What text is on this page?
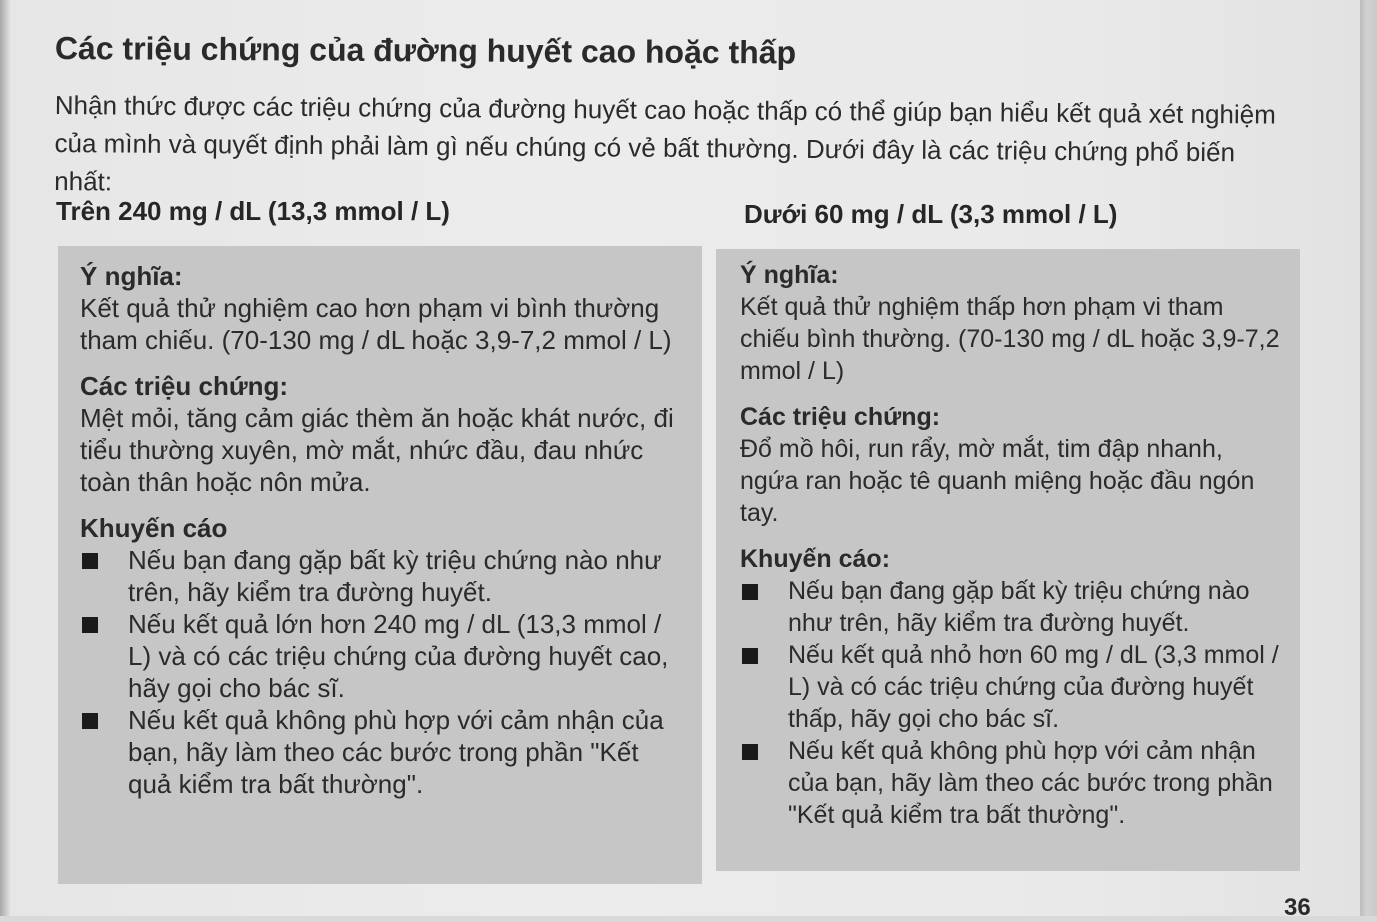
Các triệu chứng của đường huyết cao hoặc thấp

Nhận thức được các triệu chứng của đường huyết cao hoặc thấp có thể giúp bạn hiểu kết quả xét nghiệm của mình và quyết định phải làm gì nếu chúng có vẻ bất thường. Dưới đây là các triệu chứng phổ biến nhất:

Trên 240 mg / dL (13,3 mmol / L)	Dưới 60 mg / dL (3,3 mmol / L)

Ý nghĩa:

Kết quả thử nghiệm cao hơn phạm vi bình thường tham chiếu. (70-130 mg / dL hoặc 3,9-7,2 mmol / L)

Các triệu chứng:

Mệt mỏi, tăng cảm giác thèm ăn hoặc khát nước, đi tiểu thường xuyên, mờ mắt, nhức đầu, đau nhức toàn thân hoặc nôn mửa.

Khuyến cáo

Nếu bạn đang gặp bất kỳ triệu chứng nào như trên, hãy kiểm tra đường huyết.
Nếu kết quả lớn hơn 240 mg / dL (13,3 mmol / L) và có các triệu chứng của đường huyết cao, hãy gọi cho bác sĩ.
Nếu kết quả không phù hợp với cảm nhận của bạn, hãy làm theo các bước trong phần "Kết quả kiểm tra bất thường".

Ý nghĩa:

Kết quả thử nghiệm thấp hơn phạm vi tham chiếu bình thường. (70-130 mg / dL hoặc 3,9-7,2 mmol / L)

Các triệu chứng:

Đổ mồ hôi, run rẩy, mờ mắt, tim đập nhanh, ngứa ran hoặc tê quanh miệng hoặc đầu ngón tay.

Khuyến cáo:

Nếu bạn đang gặp bất kỳ triệu chứng nào như trên, hãy kiểm tra đường huyết.
Nếu kết quả nhỏ hơn 60 mg / dL (3,3 mmol / L) và có các triệu chứng của đường huyết thấp, hãy gọi cho bác sĩ.
Nếu kết quả không phù hợp với cảm nhận của bạn, hãy làm theo các bước trong phần "Kết quả kiểm tra bất thường".
36
